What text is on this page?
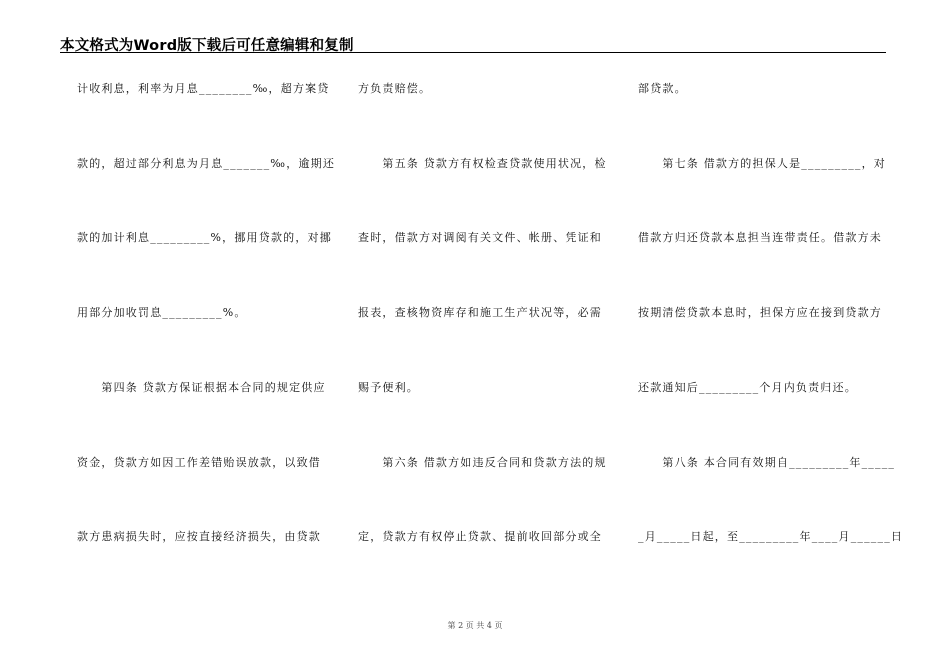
本文格式为Word版下载后可任意编辑和复制
计收利息，利率为月息________‰，超方案贷
款的，超过部分利息为月息_______‰，逾期还
款的加计利息_________%，挪用贷款的，对挪
用部分加收罚息_________%。
　　第四条 贷款方保证根据本合同的规定供应
资金，贷款方如因工作差错贻误放款，以致借
款方患病损失时，应按直接经济损失，由贷款
方负责赔偿。
　　第五条 贷款方有权检查贷款使用状况，检
查时，借款方对调阅有关文件、帐册、凭证和
报表，查核物资库存和施工生产状况等，必需
赐予便利。
　　第六条 借款方如违反合同和贷款方法的规
定，贷款方有权停止贷款、提前收回部分或全
部贷款。
　　第七条 借款方的担保人是_________，对
借款方归还贷款本息担当连带责任。借款方未
按期清偿贷款本息时，担保方应在接到贷款方
还款通知后_________个月内负责归还。
　　第八条 本合同有效期自_________年_____
_月_____日起，至_________年____月______日
第 2 页 共 4 页
